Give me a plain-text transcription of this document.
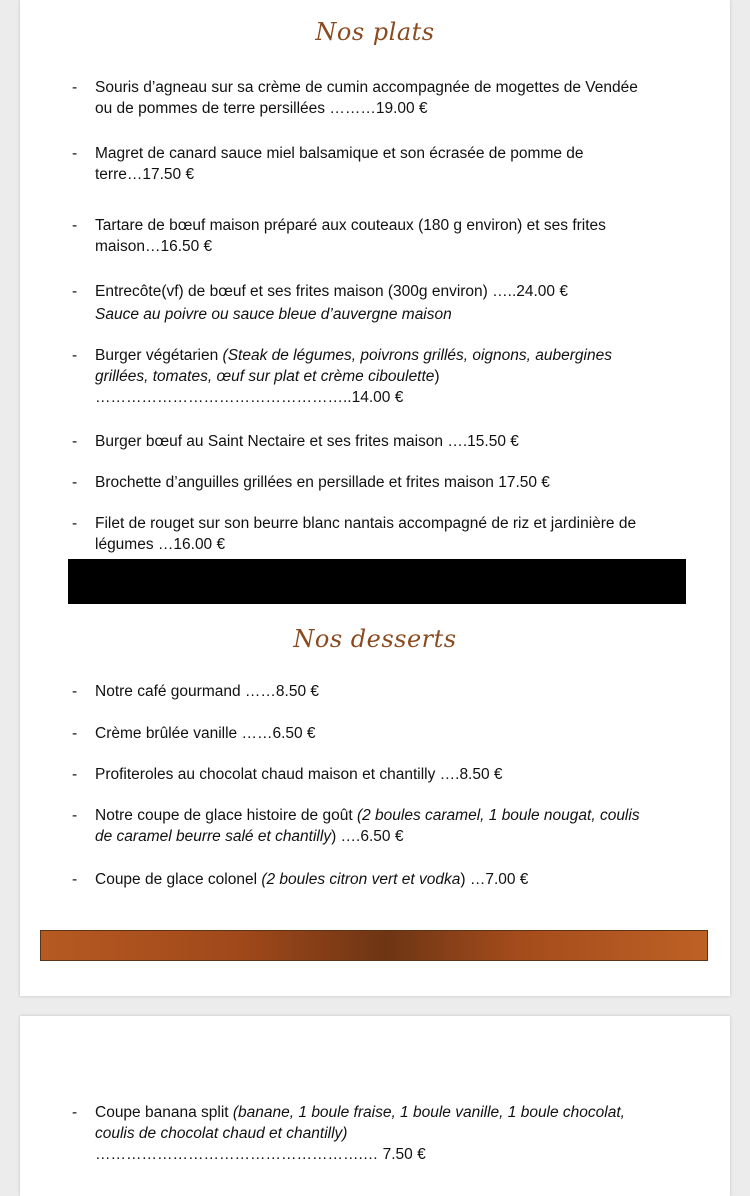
Nos plats
- Souris d’agneau sur sa crème de cumin accompagnée de mogettes de Vendée
ou de pommes de terre persillées ………19.00 €
- Magret de canard sauce miel balsamique et son écrasée de pomme de
terre…17.50 €
- Tartare de bœuf maison préparé aux couteaux (180 g environ) et ses frites
maison…16.50 €
- Entrecôte(vf) de bœuf et ses frites maison (300g environ) …..24.00 €
Sauce au poivre ou sauce bleue d’auvergne maison
- Burger végétarien (Steak de légumes, poivrons grillés, oignons, aubergines
grillées, tomates, œuf sur plat et crème ciboulette)
…………………………………………..14.00 €
- Burger bœuf au Saint Nectaire et ses frites maison ….15.50 €
- Brochette d’anguilles grillées en persillade et frites maison 17.50 €
- Filet de rouget sur son beurre blanc nantais accompagné de riz et jardinière de
légumes …16.00 €
Nos desserts
- Notre café gourmand ……8.50 €
- Crème brûlée vanille ……6.50 €
- Profiteroles au chocolat chaud maison et chantilly ….8.50 €
- Notre coupe de glace histoire de goût (2 boules caramel, 1 boule nougat, coulis
de caramel beurre salé et chantilly) ….6.50 €
- Coupe de glace colonel (2 boules citron vert et vodka) …7.00 €
- Coupe banana split (banane, 1 boule fraise, 1 boule vanille, 1 boule chocolat,
coulis de chocolat chaud et chantilly)
…………………………………………….… 7.50 €
